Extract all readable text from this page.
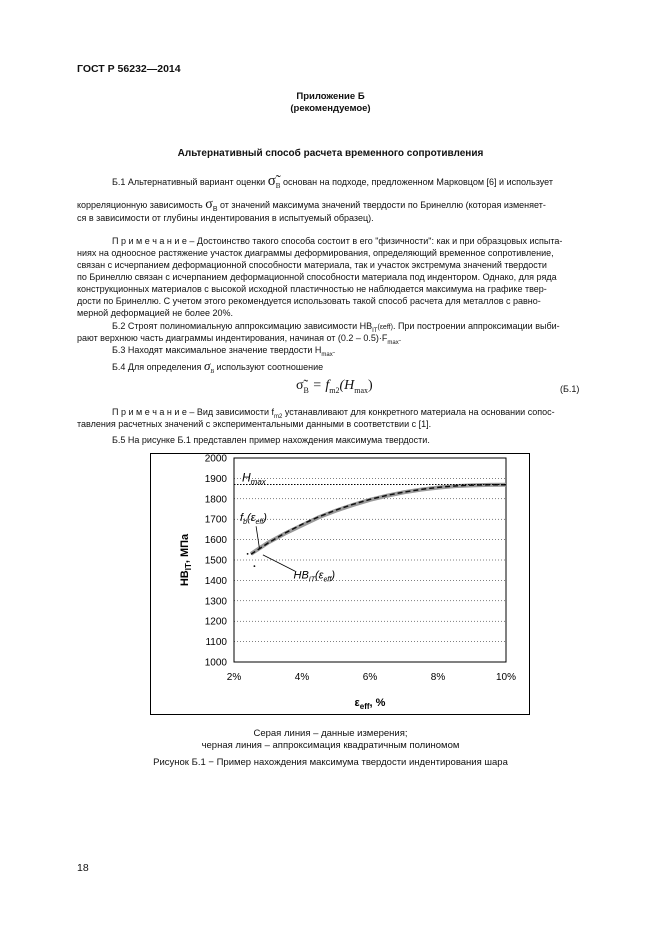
ГОСТ Р 56232—2014
Приложение Б
(рекомендуемое)
Альтернативный способ расчета временного сопротивления
Б.1 Альтернативный вариант оценки $\sigmã_В$ основан на подходе, предложенном Марковцом [6] и использует
корреляционную зависимость $\sigma_В$ от значений максимума значений твердости по Бринеллю (которая изменяет-
ся в зависимости от глубины индентирования в испытуемый образец).
П р и м е ч а н и е – Достоинство такого способа состоит в его "физичности": как и при образцовых испыта-
ниях на одноосное растяжение участок диаграммы деформирования, определяющий временное сопротивление,
связан с исчерпанием деформационной способности материала, так и участок экстремума значений твердости
по Бринеллю связан с исчерпанием деформационной способности материала под индентором. Однако, для ряда
конструкционных материалов с высокой исходной пластичностью не наблюдается максимума на графике твер-
дости по Бринеллю. С учетом этого рекомендуется использовать такой способ расчета для металлов с равно-
мерной деформацией не более 20%.
Б.2 Строят полиномиальную аппроксимацию зависимости $HB_{IT}(\varepsilon eff)$. При построении аппроксимации выби-
рают верхнюю часть диаграммы индентирования, начиная от $(0.2 - 0.5)\cdot F_{max}$.
Б.3 Находят максимальное значение твердости $H_{max}$.
Б.4 Для определения $\sigma_В$ используют соотношение
$\sigmã_В = f_{m2}(H_{max})$	(Б.1)
П р и м е ч а н и е – Вид зависимости $f_{m2}$ устанавливают для конкретного материала на основании сопос-
тавления расчетных значений с экспериментальными данными в соответствии с [1].
Б.5 На рисунке Б.1 представлен пример нахождения максимума твердости.
1000
1100
1200
1300
1400
1500
1600
1700
1800
1900
2000
2%	4%	6%	8%	10%
$H_{max}$
$f_b(\varepsilon_{eff})$
$HB_{IT}(\varepsilon_{eff})$
$HB_{IT}$, МПа
$\varepsilon_{eff}$, %
Серая линия – данные измерения;
черная линия – аппроксимация квадратичным полиномом
Рисунок Б.1 − Пример нахождения максимума твердости индентирования шара
18
